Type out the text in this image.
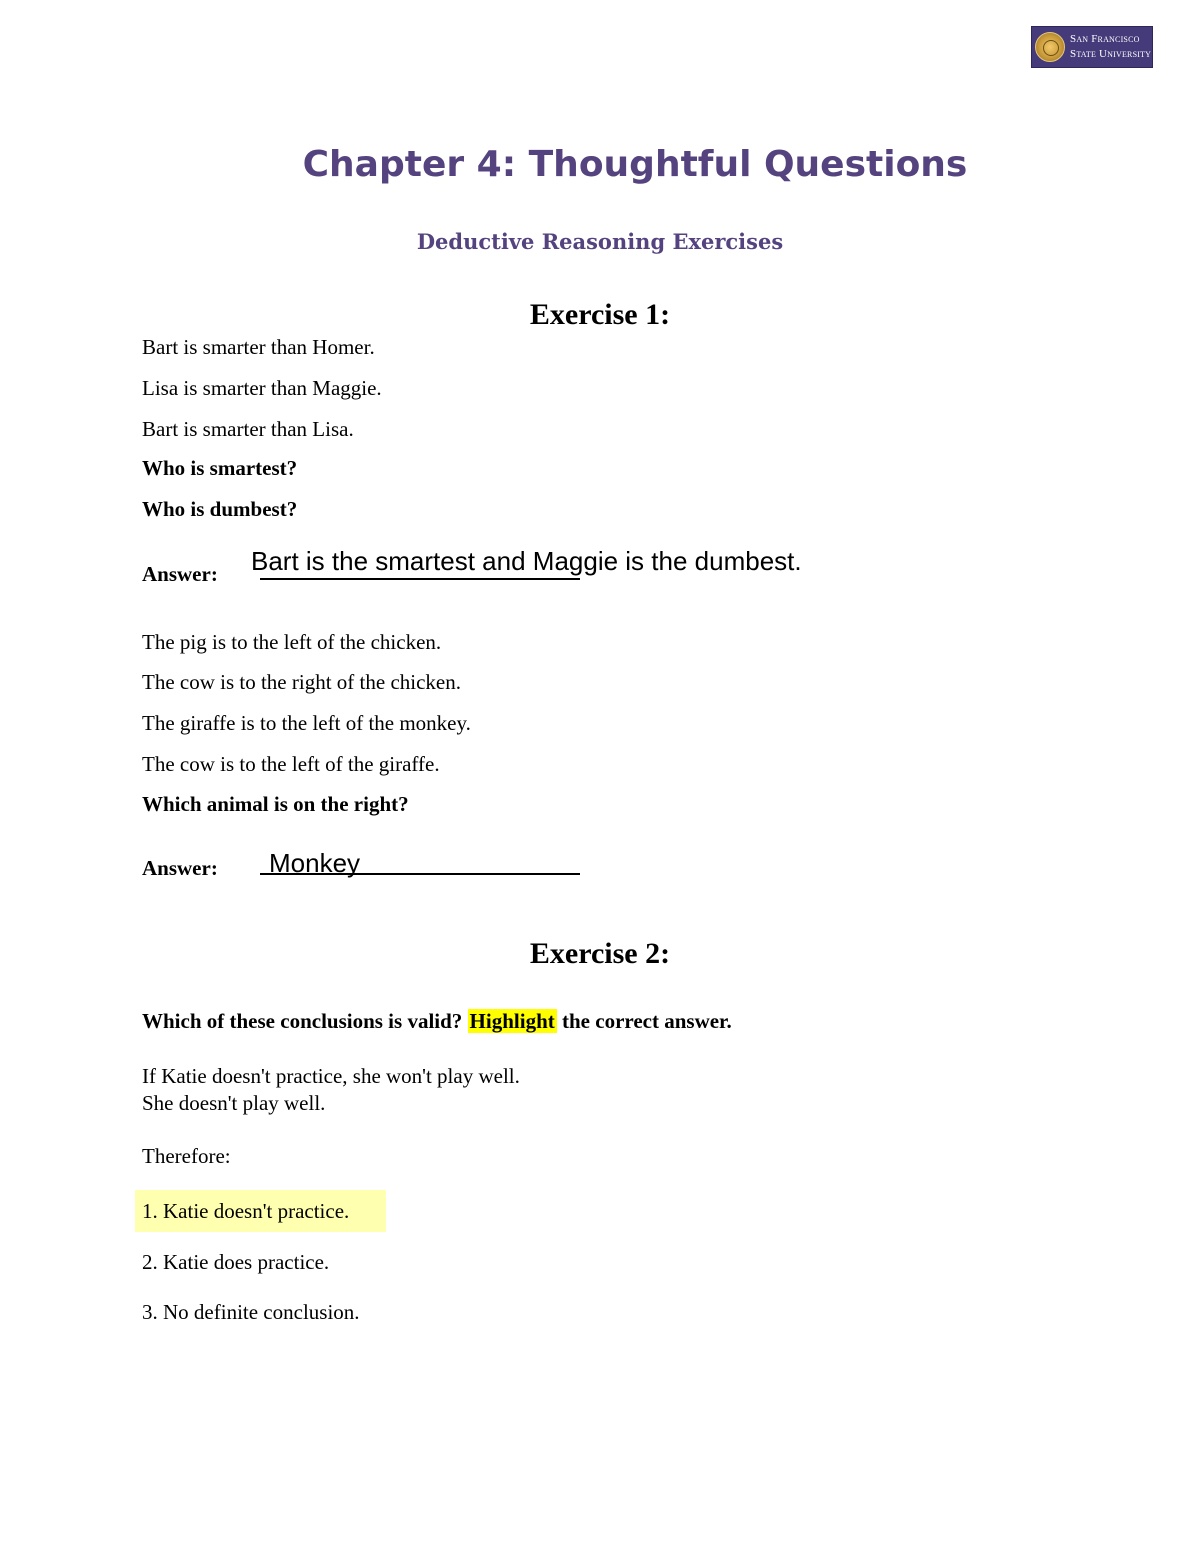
San Francisco
State University
Chapter 4: Thoughtful Questions
Deductive Reasoning Exercises
Exercise 1:
Bart is smarter than Homer.
Lisa is smarter than Maggie.
Bart is smarter than Lisa.
Who is smartest?
Who is dumbest?
Answer: Bart is the smartest and Maggie is the dumbest.
The pig is to the left of the chicken.
The cow is to the right of the chicken.
The giraffe is to the left of the monkey.
The cow is to the left of the giraffe.
Which animal is on the right?
Answer: Monkey
Exercise 2:
Which of these conclusions is valid? Highlight the correct answer.
If Katie doesn't practice, she won't play well.
She doesn't play well.
Therefore:
1. Katie doesn't practice.
2. Katie does practice.
3. No definite conclusion.
